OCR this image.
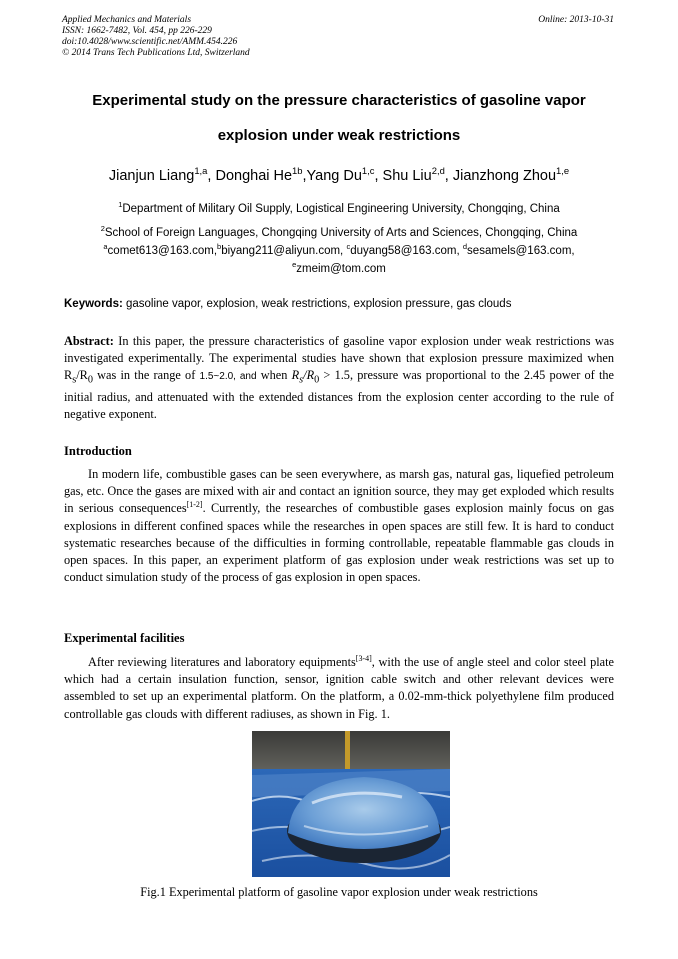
Applied Mechanics and Materials
ISSN: 1662-7482, Vol. 454, pp 226-229
doi:10.4028/www.scientific.net/AMM.454.226
© 2014 Trans Tech Publications Ltd, Switzerland
Online: 2013-10-31
Experimental study on the pressure characteristics of gasoline vapor
explosion under weak restrictions
Jianjun Liang$^{1,a}$, Donghai $He^{1b},Yang$ Du$^{1,c}$, Shu Liu$^{2,d}$, Jianzhong Zhou$^{1,e}$
$^1$Department of Military Oil Supply, Logistical Engineering University, Chongqing, China
$^2$School of Foreign Languages, Chongqing University of Arts and Sciences, Chongqing, China
$^a$comet613@163.com,$^b$biyang211@aliyun.com, $^c$duyang58@163.com, $^d$sesamels@163.com,
$^e$zmeim@tom.com
Keywords: gasoline vapor, explosion, weak restrictions, explosion pressure, gas clouds
Abstract: In this paper, the pressure characteristics of gasoline vapor explosion under weak restrictions was investigated experimentally. The experimental studies have shown that explosion pressure maximized when $R_s/R_0$ was in the range of 1.5~2.0, and when $R_s/R_0 > 1.5$, pressure was proportional to the 2.45 power of the initial radius, and attenuated with the extended distances from the explosion center according to the rule of negative exponent.
Introduction
In modern life, combustible gases can be seen everywhere, as marsh gas, natural gas, liquefied petroleum gas, etc. Once the gases are mixed with air and contact an ignition source, they may get exploded which results in serious consequences[1-2]. Currently, the researches of combustible gases explosion mainly focus on gas explosions in different confined spaces while the researches in open spaces are still few. It is hard to conduct systematic researches because of the difficulties in forming controllable, repeatable flammable gas clouds in open spaces. In this paper, an experiment platform of gas explosion under weak restrictions was set up to conduct simulation study of the process of gas explosion in open spaces.
Experimental facilities
After reviewing literatures and laboratory equipments[3-4], with the use of angle steel and color steel plate which had a certain insulation function, sensor, ignition cable switch and other relevant devices were assembled to set up an experimental platform. On the platform, a 0.02-mm-thick polyethylene film produced controllable gas clouds with different radiuses, as shown in Fig. 1.
Fig.1 Experimental platform of gasoline vapor explosion under weak restrictions
